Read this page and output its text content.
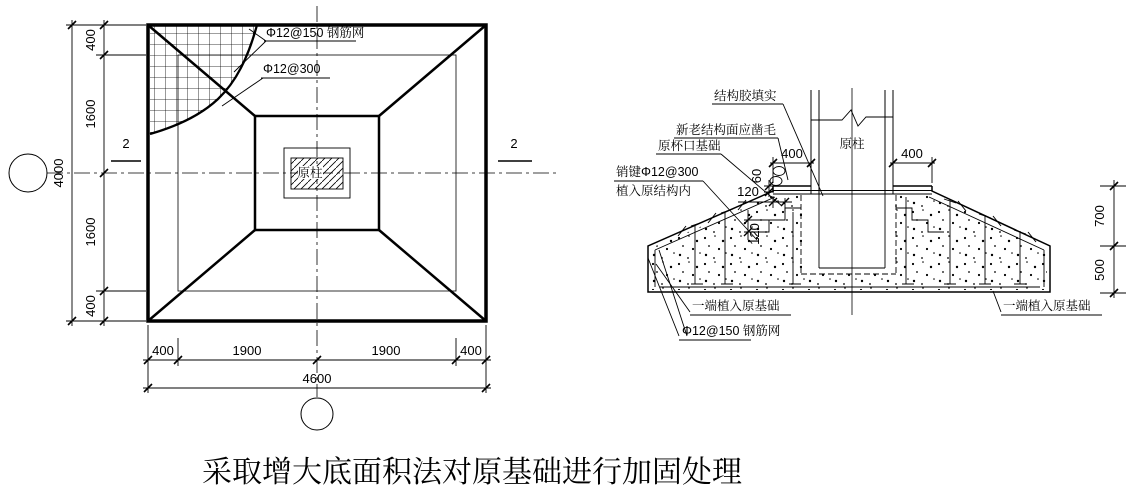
原柱
Φ12@150 钢筋网
Φ12@300
2	2
400
1600
1600
400
4000
400	1900	1900	400
4600
原柱
结构胶填实
新老结构面应凿毛
原杯口基础
销键Φ12@300
植入原结构内
一端植入原基础
Φ12@150 钢筋网
一端植入原基础
400	400
60
120
120
700
500
采取增大底面积法对原基础进行加固处理
